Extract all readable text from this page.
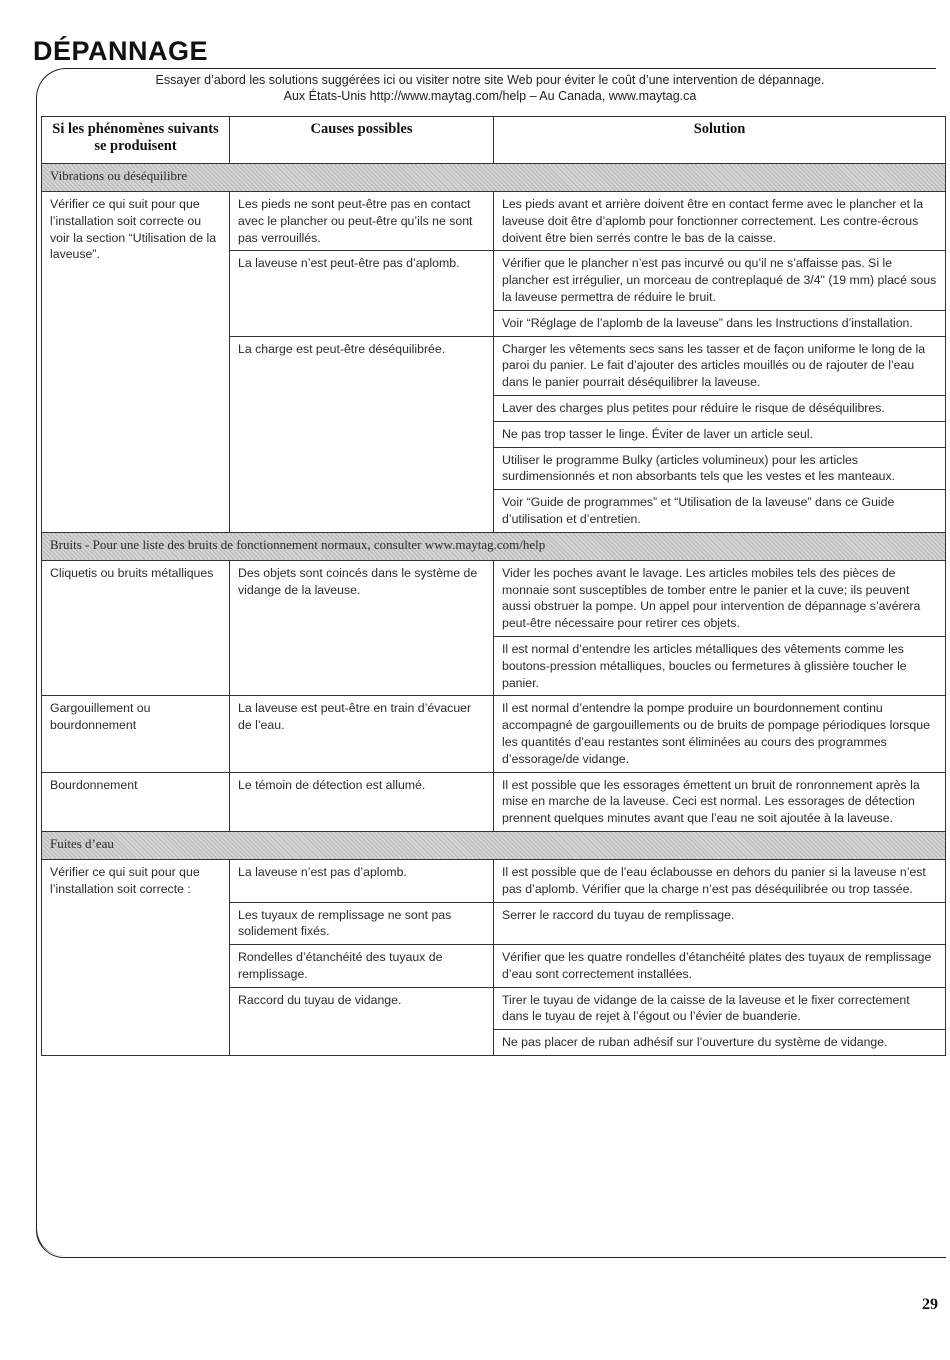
DÉPANNAGE
Essayer d’abord les solutions suggérées ici ou visiter notre site Web pour éviter le coût d’une intervention de dépannage.
Aux États-Unis http://www.maytag.com/help – Au Canada, www.maytag.ca
Si les phénomènes suivants se produisent	Causes possibles	Solution
Vibrations ou déséquilibre		
Vérifier ce qui suit pour que l’installation soit correcte ou voir la section “Utilisation de la laveuse”.	Les pieds ne sont peut-être pas en contact avec le plancher ou peut-être qu’ils ne sont pas verrouillés.	Les pieds avant et arrière doivent être en contact ferme avec le plancher et la laveuse doit être d’aplomb pour fonctionner correctement. Les contre-écrous doivent être bien serrés contre le bas de la caisse.
	La laveuse n’est peut-être pas d’aplomb.	Vérifier que le plancher n’est pas incurvé ou qu’il ne s’affaisse pas. Si le plancher est irrégulier, un morceau de contreplaqué de 3/4" (19 mm) placé sous la laveuse permettra de réduire le bruit.
		Voir “Réglage de l’aplomb de la laveuse” dans les Instructions d’installation.
	La charge est peut-être déséquilibrée.	Charger les vêtements secs sans les tasser et de façon uniforme le long de la paroi du panier. Le fait d’ajouter des articles mouillés ou de rajouter de l’eau dans le panier pourrait déséquilibrer la laveuse.
		Laver des charges plus petites pour réduire le risque de déséquilibres.
		Ne pas trop tasser le linge. Éviter de laver un article seul.
		Utiliser le programme Bulky (articles volumineux) pour les articles surdimensionnés et non absorbants tels que les vestes et les manteaux.
		Voir “Guide de programmes” et “Utilisation de la laveuse” dans ce Guide d’utilisation et d’entretien.
Bruits - Pour une liste des bruits de fonctionnement normaux, consulter www.maytag.com/help		
Cliquetis ou bruits métalliques	Des objets sont coincés dans le système de vidange de la laveuse.	Vider les poches avant le lavage. Les articles mobiles tels des pièces de monnaie sont susceptibles de tomber entre le panier et la cuve; ils peuvent aussi obstruer la pompe. Un appel pour intervention de dépannage s’avérera peut-être nécessaire pour retirer ces objets.
		Il est normal d’entendre les articles métalliques des vêtements comme les boutons-pression métalliques, boucles ou fermetures à glissière toucher le panier.
Gargouillement ou bourdonnement	La laveuse est peut-être en train d’évacuer de l’eau.	Il est normal d’entendre la pompe produire un bourdonnement continu accompagné de gargouillements ou de bruits de pompage périodiques lorsque les quantités d’eau restantes sont éliminées au cours des programmes d’essorage/de vidange.
Bourdonnement	Le témoin de détection est allumé.	Il est possible que les essorages émettent un bruit de ronronnement après la mise en marche de la laveuse. Ceci est normal. Les essorages de détection prennent quelques minutes avant que l’eau ne soit ajoutée à la laveuse.
Fuites d’eau		
Vérifier ce qui suit pour que l’installation soit correcte :	La laveuse n’est pas d’aplomb.	Il est possible que de l’eau éclabousse en dehors du panier si la laveuse n’est pas d’aplomb. Vérifier que la charge n’est pas déséquilibrée ou trop tassée.
	Les tuyaux de remplissage ne sont pas solidement fixés.	Serrer le raccord du tuyau de remplissage.
	Rondelles d’étanchéité des tuyaux de remplissage.	Vérifier que les quatre rondelles d’étanchéité plates des tuyaux de remplissage d’eau sont correctement installées.
	Raccord du tuyau de vidange.	Tirer le tuyau de vidange de la caisse de la laveuse et le fixer correctement dans le tuyau de rejet à l’égout ou l’évier de buanderie.
		Ne pas placer de ruban adhésif sur l’ouverture du système de vidange.
29
